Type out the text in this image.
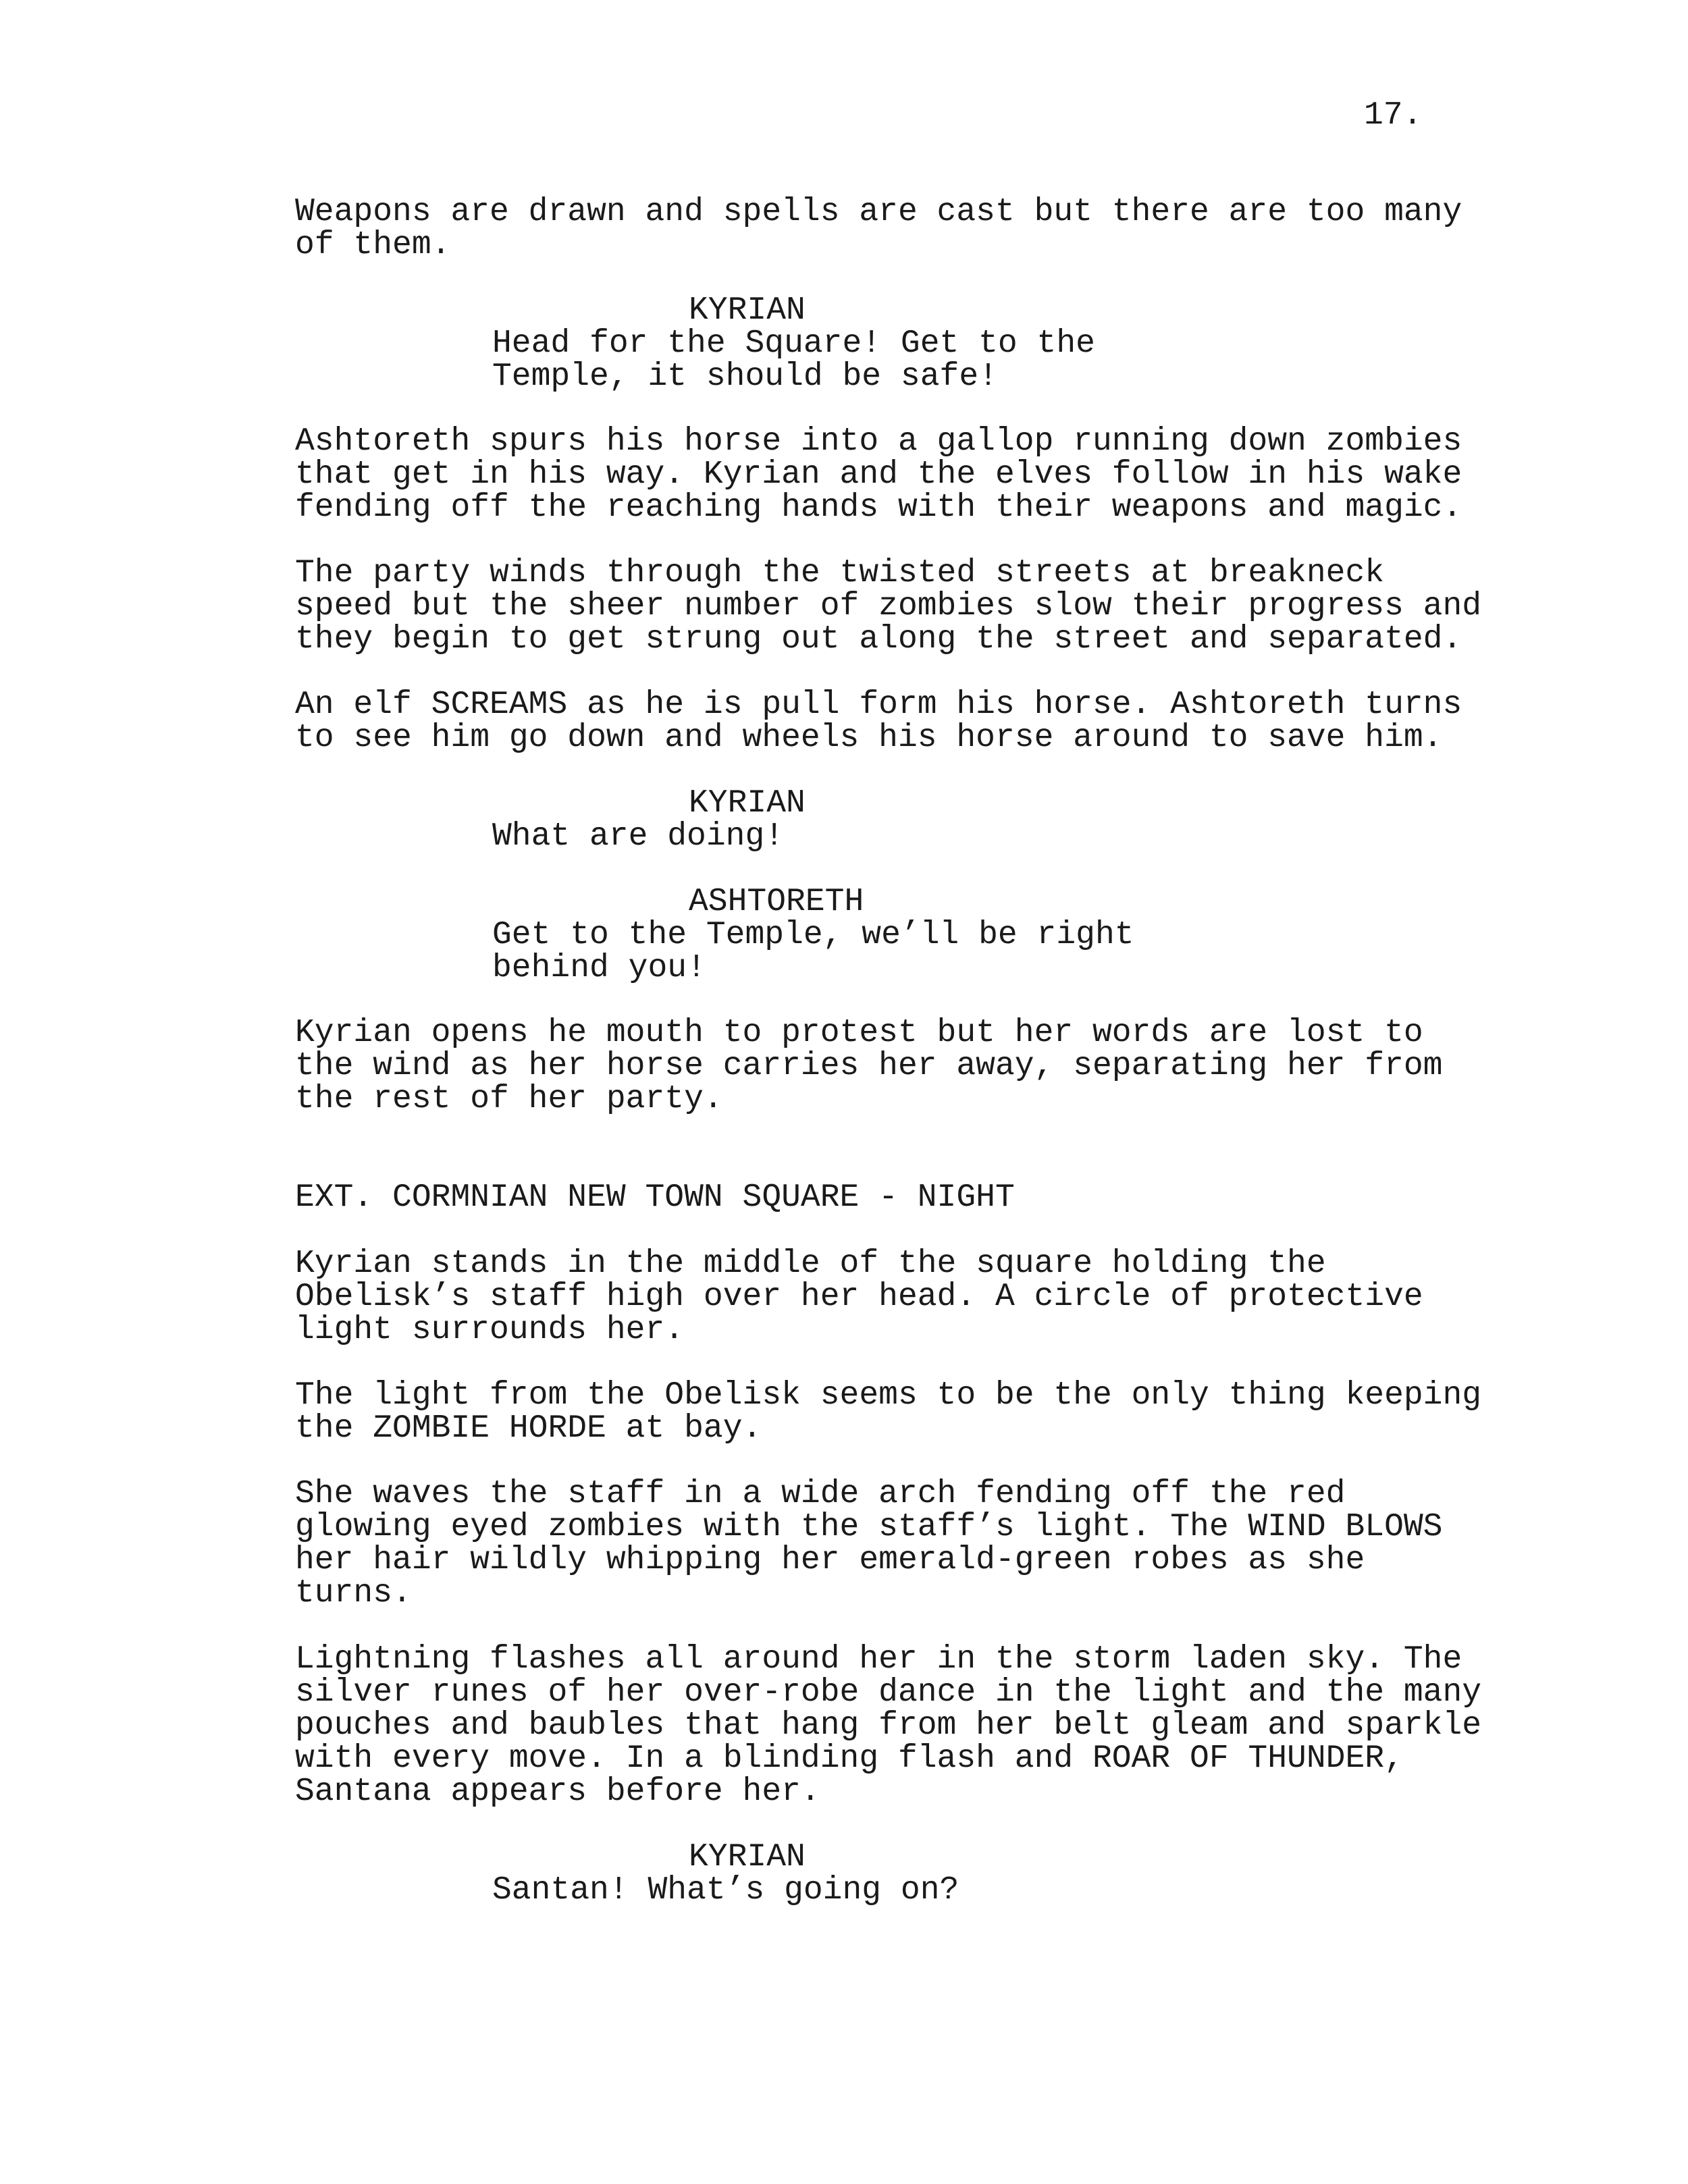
17.

Weapons are drawn and spells are cast but there are too many
of them.

KYRIAN

Head for the Square! Get to the
Temple, it should be safe!

Ashtoreth spurs his horse into a gallop running down zombies
that get in his way. Kyrian and the elves follow in his wake
fending off the reaching hands with their weapons and magic.

The party winds through the twisted streets at breakneck
speed but the sheer number of zombies slow their progress and
they begin to get strung out along the street and separated.

An elf SCREAMS as he is pull form his horse. Ashtoreth turns
to see him go down and wheels his horse around to save him.

KYRIAN

What are doing!

ASHTORETH

Get to the Temple, we’ll be right
behind you!

Kyrian opens he mouth to protest but her words are lost to
the wind as her horse carries her away, separating her from
the rest of her party.

EXT. CORMNIAN NEW TOWN SQUARE - NIGHT

Kyrian stands in the middle of the square holding the
Obelisk’s staff high over her head. A circle of protective
light surrounds her.

The light from the Obelisk seems to be the only thing keeping
the ZOMBIE HORDE at bay.

She waves the staff in a wide arch fending off the red
glowing eyed zombies with the staff’s light. The WIND BLOWS
her hair wildly whipping her emerald-green robes as she
turns.

Lightning flashes all around her in the storm laden sky. The
silver runes of her over-robe dance in the light and the many
pouches and baubles that hang from her belt gleam and sparkle
with every move. In a blinding flash and ROAR OF THUNDER,
Santana appears before her.

KYRIAN

Santan! What’s going on?
